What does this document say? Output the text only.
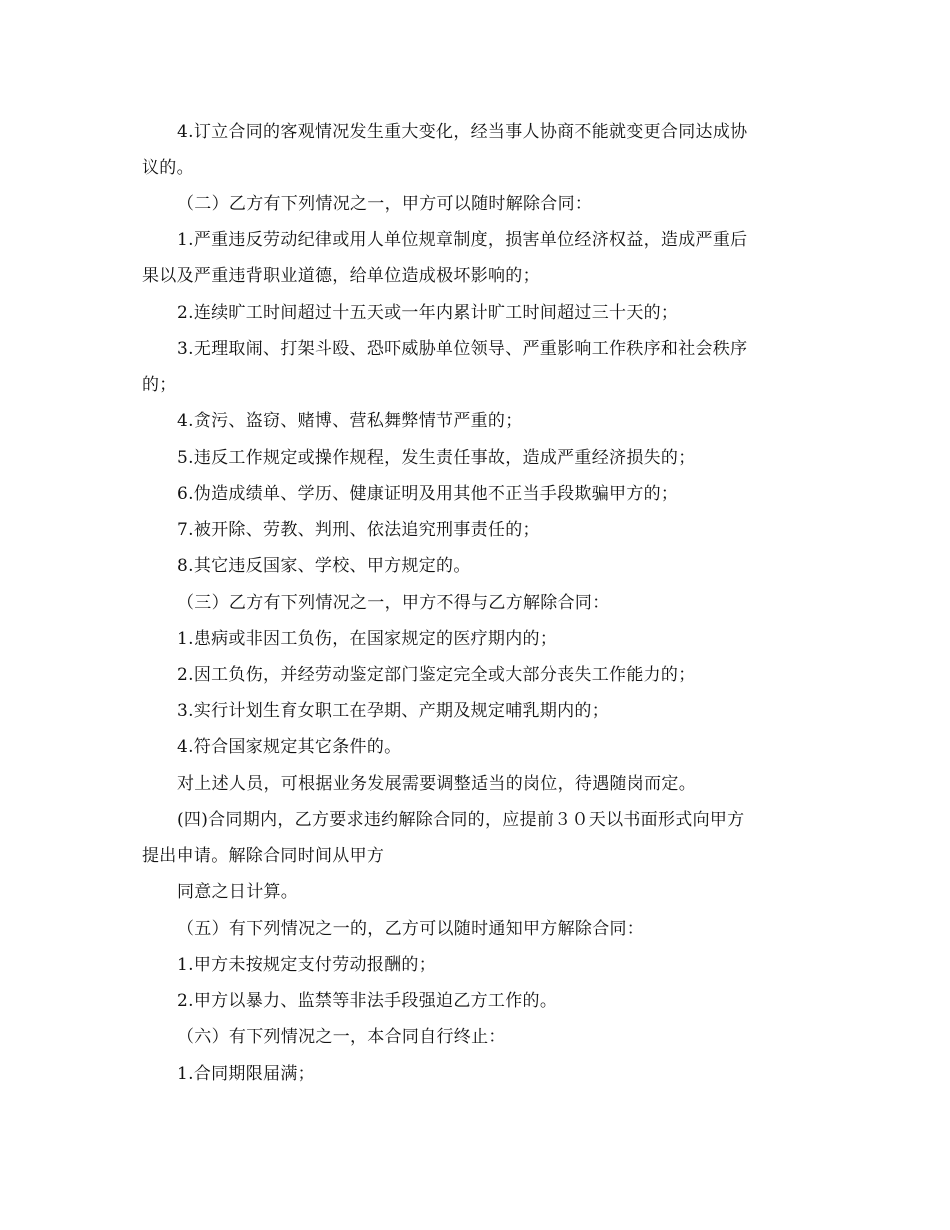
4.订立合同的客观情况发生重大变化，经当事人协商不能就变更合同达成协
议的。
（二）乙方有下列情况之一，甲方可以随时解除合同：
1.严重违反劳动纪律或用人单位规章制度，损害单位经济权益，造成严重后
果以及严重违背职业道德，给单位造成极坏影响的；
2.连续旷工时间超过十五天或一年内累计旷工时间超过三十天的；
3.无理取闹、打架斗殴、恐吓威胁单位领导、严重影响工作秩序和社会秩序
的；
4.贪污、盗窃、赌博、营私舞弊情节严重的；
5.违反工作规定或操作规程，发生责任事故，造成严重经济损失的；
6.伪造成绩单、学历、健康证明及用其他不正当手段欺骗甲方的；
7.被开除、劳教、判刑、依法追究刑事责任的；
8.其它违反国家、学校、甲方规定的。
（三）乙方有下列情况之一，甲方不得与乙方解除合同：
1.患病或非因工负伤，在国家规定的医疗期内的；
2.因工负伤，并经劳动鉴定部门鉴定完全或大部分丧失工作能力的；
3.实行计划生育女职工在孕期、产期及规定哺乳期内的；
4.符合国家规定其它条件的。
对上述人员，可根据业务发展需要调整适当的岗位，待遇随岗而定。
(四)合同期内，乙方要求违约解除合同的，应提前３０天以书面形式向甲方
提出申请。解除合同时间从甲方
同意之日计算。
（五）有下列情况之一的，乙方可以随时通知甲方解除合同：
1.甲方未按规定支付劳动报酬的；
2.甲方以暴力、监禁等非法手段强迫乙方工作的。
（六）有下列情况之一，本合同自行终止：
1.合同期限届满；
